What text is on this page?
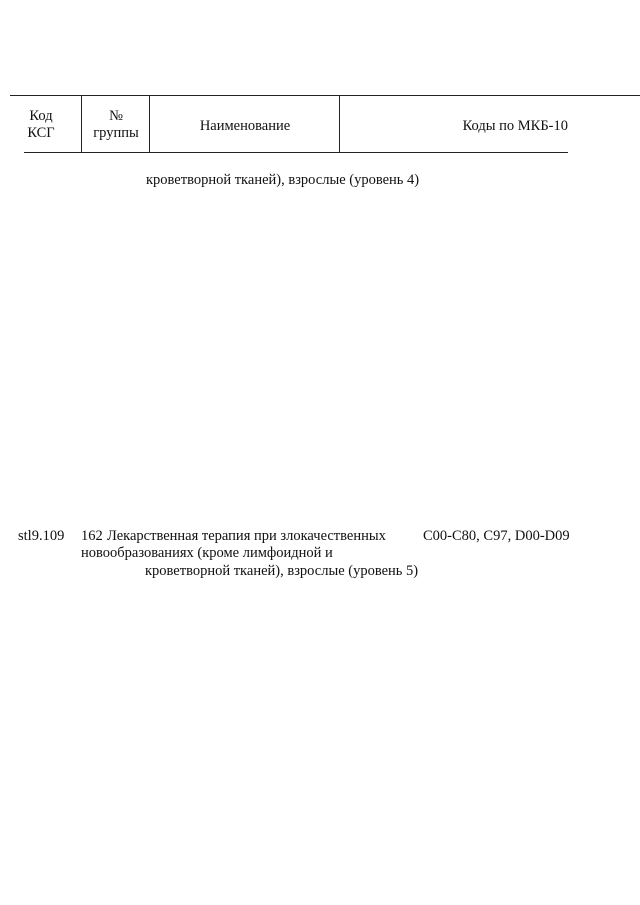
Код
КСГ
№
группы	Наименование	Коды по МКБ-10
кроветворной тканей), взрослые (уровень 4)
stl9.109 162 Лекарственная терапия при злокачественных
новообразованиях (кроме лимфоидной и
кроветворной тканей), взрослые (уровень 5)
С00-С80, С97, D00-D09
